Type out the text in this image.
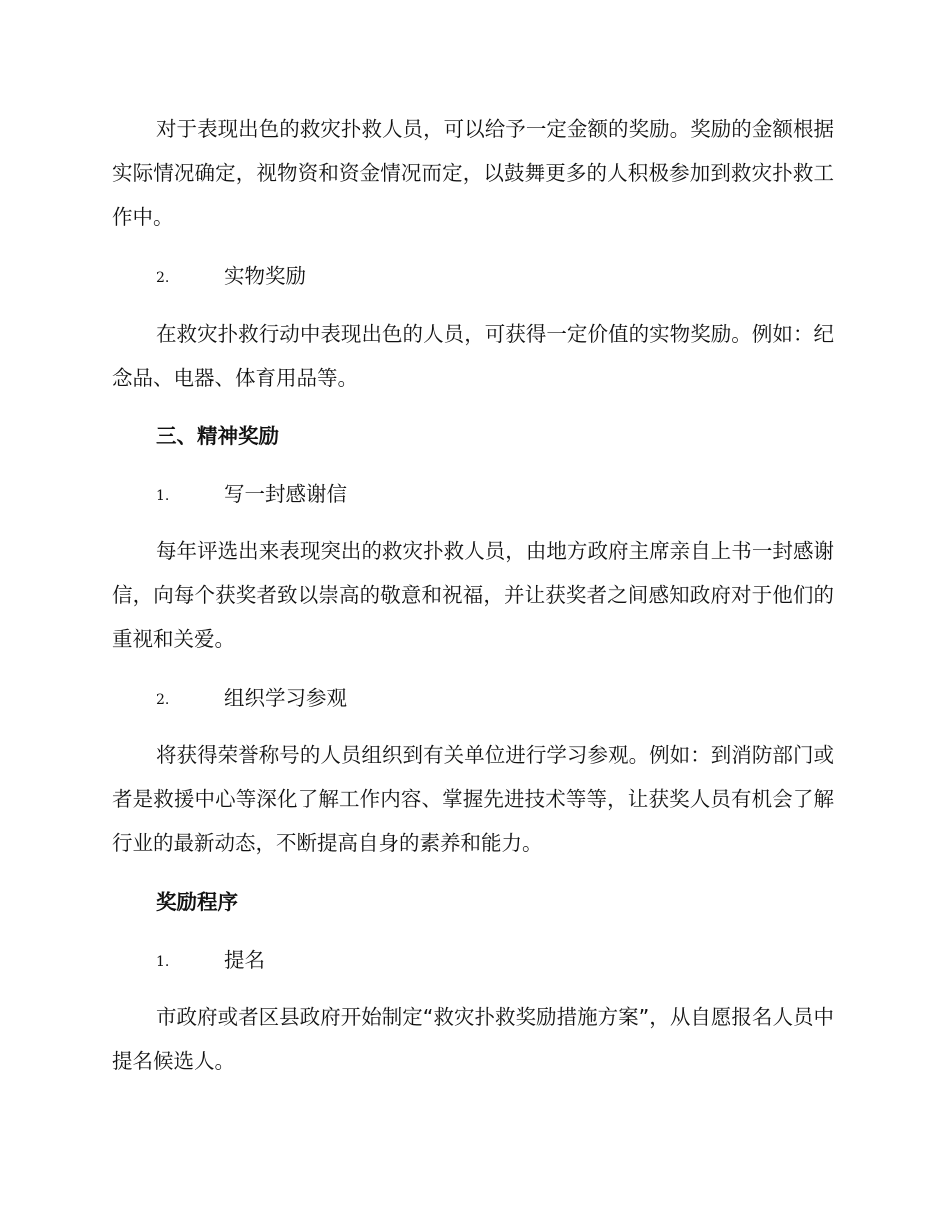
对于表现出色的救灾扑救人员，可以给予一定金额的奖励。奖励的金额根据实际情况确定，视物资和资金情况而定，以鼓舞更多的人积极参加到救灾扑救工作中。

2.	实物奖励

在救灾扑救行动中表现出色的人员，可获得一定价值的实物奖励。例如：纪念品、电器、体育用品等。

三、精神奖励
1.	写一封感谢信

每年评选出来表现突出的救灾扑救人员，由地方政府主席亲自上书一封感谢信，向每个获奖者致以崇高的敬意和祝福，并让获奖者之间感知政府对于他们的重视和关爱。

2.	组织学习参观

将获得荣誉称号的人员组织到有关单位进行学习参观。例如：到消防部门或者是救援中心等深化了解工作内容、掌握先进技术等等，让获奖人员有机会了解行业的最新动态，不断提高自身的素养和能力。

奖励程序
1.	提名

市政府或者区县政府开始制定“救灾扑救奖励措施方案”，从自愿报名人员中提名候选人。
